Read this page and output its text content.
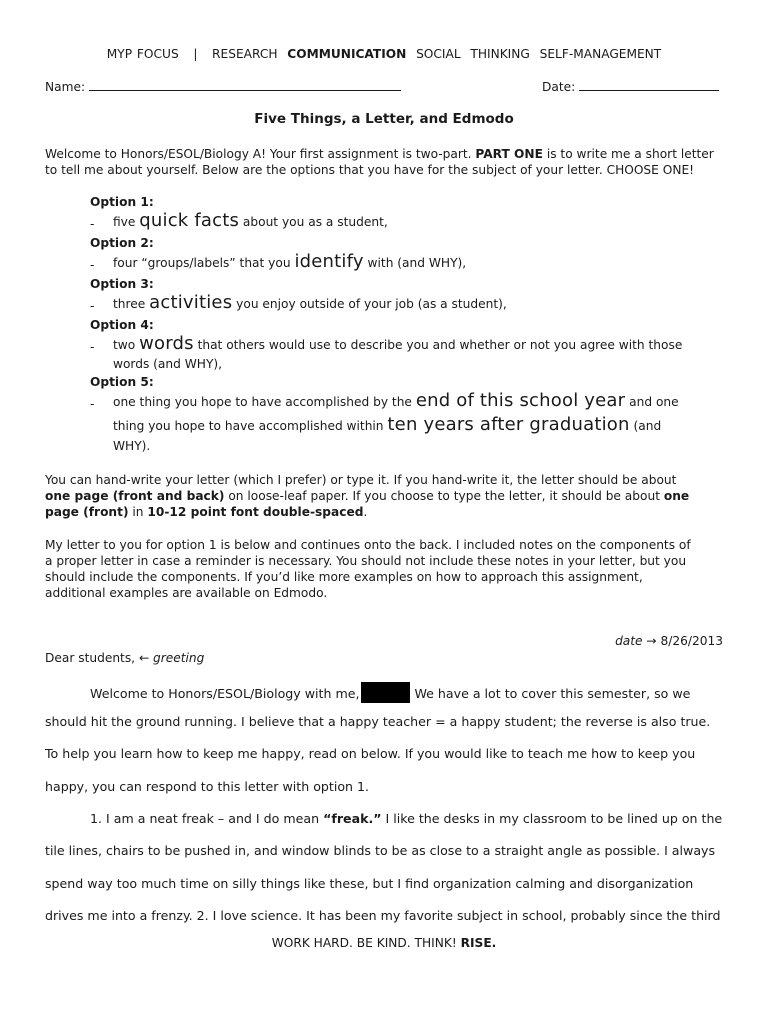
MYP FOCUS | RESEARCH COMMUNICATION SOCIAL THINKING SELF-MANAGEMENT
Name:	Date:
Five Things, a Letter, and Edmodo
Welcome to Honors/ESOL/Biology A! Your first assignment is two-part. PART ONE is to write me a short letter
to tell me about yourself. Below are the options that you have for the subject of your letter. CHOOSE ONE!
Option 1:
- five quick facts about you as a student,
Option 2:
- four “groups/labels” that you identify with (and WHY),
Option 3:
- three activities you enjoy outside of your job (as a student),
Option 4:
- two words that others would use to describe you and whether or not you agree with those
words (and WHY),
Option 5:
- one thing you hope to have accomplished by the end of this school year and one
thing you hope to have accomplished within ten years after graduation (and
WHY).
You can hand-write your letter (which I prefer) or type it. If you hand-write it, the letter should be about
one page (front and back) on loose-leaf paper. If you choose to type the letter, it should be about one
page (front) in 10-12 point font double-spaced.
My letter to you for option 1 is below and continues onto the back. I included notes on the components of
a proper letter in case a reminder is necessary. You should not include these notes in your letter, but you
should include the components. If you’d like more examples on how to approach this assignment,
additional examples are available on Edmodo.
date → 8/26/2013
Dear students, ← greeting
Welcome to Honors/ESOL/Biology with me,	We have a lot to cover this semester, so we
should hit the ground running. I believe that a happy teacher = a happy student; the reverse is also true.
To help you learn how to keep me happy, read on below. If you would like to teach me how to keep you
happy, you can respond to this letter with option 1.
1. I am a neat freak – and I do mean “freak.” I like the desks in my classroom to be lined up on the
tile lines, chairs to be pushed in, and window blinds to be as close to a straight angle as possible. I always
spend way too much time on silly things like these, but I find organization calming and disorganization
drives me into a frenzy. 2. I love science. It has been my favorite subject in school, probably since the third
WORK HARD. BE KIND. THINK! RISE.
